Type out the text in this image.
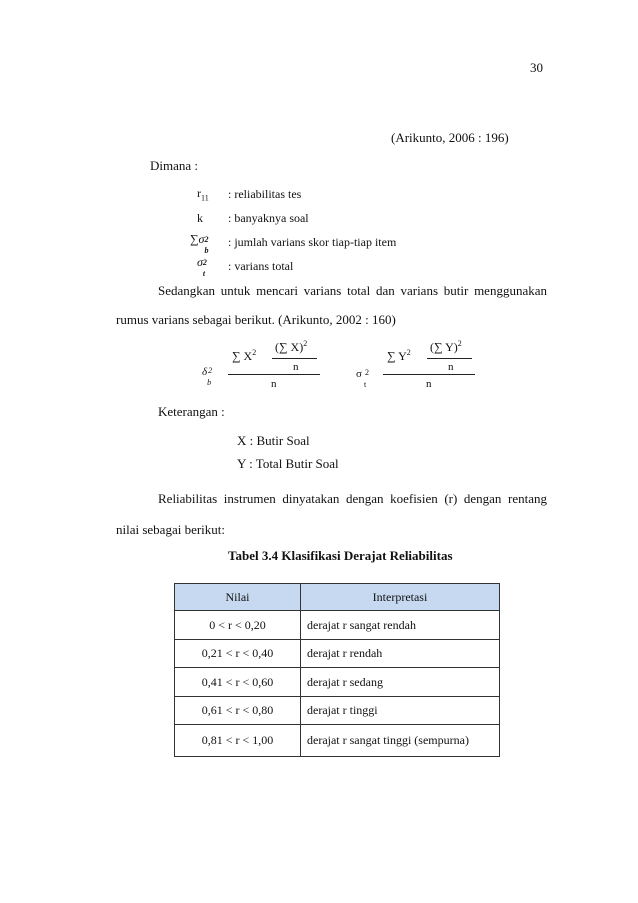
30
(Arikunto, 2006 : 196)
Dimana :
$r_{11}$ : reliabilitas tes
k : banyaknya soal
∑σ 2
b
: jumlah varians skor tiap-tiap item
σ 2
t
: varians total
Sedangkan untuk mencari varians total dan varians butir menggunakan
rumus varians sebagai berikut. (Arikunto, 2002 : 160)
δ 2
b
∑ $X^2$ (∑ X)$^2$
n
n
σ 2
t
∑ $Y^2$ (∑ Y)$^2$
n
n
Keterangan :
X : Butir Soal
Y : Total Butir Soal
Reliabilitas instrumen dinyatakan dengan koefisien (r) dengan rentang
nilai sebagai berikut:
Tabel 3.4 Klasifikasi Derajat Reliabilitas
Nilai	Interpretasi
0 < r < 0,20	derajat r sangat rendah
0,21 < r < 0,40	derajat r rendah
0,41 < r < 0,60	derajat r sedang
0,61 < r < 0,80	derajat r tinggi
0,81 < r < 1,00	derajat r sangat tinggi (sempurna)
